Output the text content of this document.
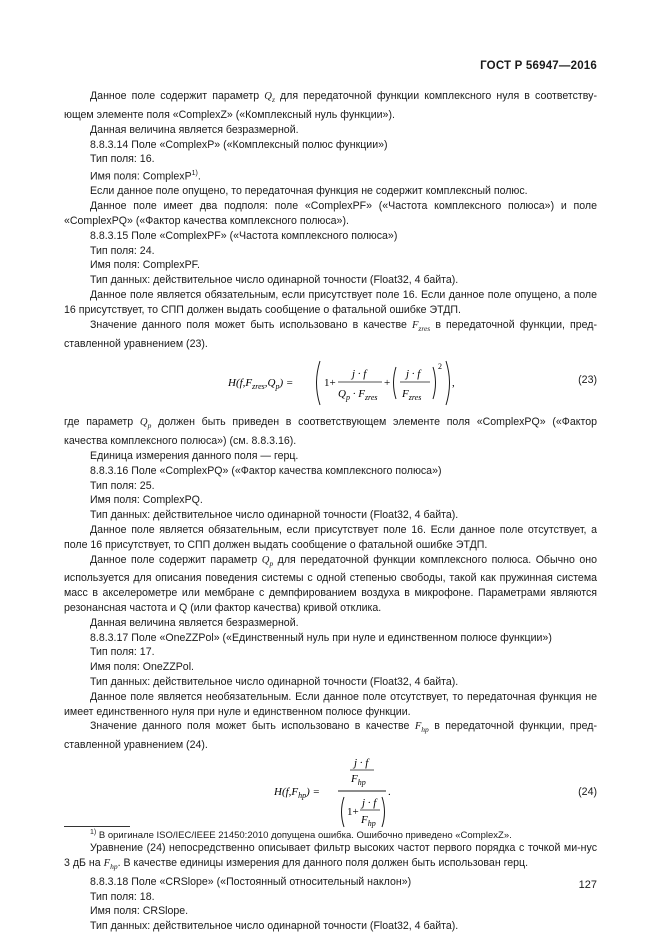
ГОСТ Р 56947—2016

Данное поле содержит параметр $Q_z$ для передаточной функции комплексного нуля в соответству-ющем элементе поля «ComplexZ» («Комплексный нуль функции»).

Данная величина является безразмерной.

8.8.3.14 Поле «ComplexP» («Комплексный полюс функции»)

Тип поля: 16.

Имя поля: ComplexP$^{1)}$.

Если данное поле опущено, то передаточная функция не содержит комплексный полюс.

Данное поле имеет два подполя: поле «ComplexPF» («Частота комплексного полюса») и поле «ComplexPQ» («Фактор качества комплексного полюса»).

8.8.3.15 Поле «ComplexPF» («Частота комплексного полюса»)

Тип поля: 24.

Имя поля: ComplexPF.

Тип данных: действительное число одинарной точности (Float32, 4 байта).

Данное поле является обязательным, если присутствует поле 16. Если данное поле опущено, а поле 16 присутствует, то СПП должен выдать сообщение о фатальной ошибке ЭТДП.

Значение данного поля может быть использовано в качестве $F_{zres}$ в передаточной функции, пред-ставленной уравнением (23).

$H(f,F_{zres},Q_p)$ =	1+
j · f
$Q_p \cdot F_{zres}$
+
j · f
$F_{zres}$
2
,	(23)

где параметр $Q_p$ должен быть приведен в соответствующем элементе поля «ComplexPQ» («Фактор качества комплексного полюса») (см. 8.8.3.16).

Единица измерения данного поля — герц.

8.8.3.16 Поле «ComplexPQ» («Фактор качества комплексного полюса»)

Тип поля: 25.

Имя поля: ComplexPQ.

Тип данных: действительное число одинарной точности (Float32, 4 байта).

Данное поле является обязательным, если присутствует поле 16. Если данное поле отсутствует, а поле 16 присутствует, то СПП должен выдать сообщение о фатальной ошибке ЭТДП.

Данное поле содержит параметр $Q_p$ для передаточной функции комплексного полюса. Обычно оно используется для описания поведения системы с одной степенью свободы, такой как пружинная система масс в акселерометре или мембране с демпфированием воздуха в микрофоне. Параметрами являются резонансная частота и Q (или фактор качества) кривой отклика.

Данная величина является безразмерной.

8.8.3.17 Поле «OneZZPol» («Единственный нуль при нуле и единственном полюсе функции»)

Тип поля: 17.

Имя поля: OneZZPol.

Тип данных: действительное число одинарной точности (Float32, 4 байта).

Данное поле является необязательным. Если данное поле отсутствует, то передаточная функция не имеет единственного нуля при нуле и единственном полюсе функции.

Значение данного поля может быть использовано в качестве $F_{hp}$ в передаточной функции, пред-ставленной уравнением (24).

$H(f,F_{hp})$ =
j · f
$F_{hp}$
1+
j · f
$F_{hp}$
.	(24)

Уравнение (24) непосредственно описывает фильтр высоких частот первого порядка с точкой ми-нус 3 дБ на $F_{hp}$. В качестве единицы измерения для данного поля должен быть использован герц.

8.8.3.18 Поле «CRSlope» («Постоянный относительный наклон»)

Тип поля: 18.

Имя поля: CRSlope.

Тип данных: действительное число одинарной точности (Float32, 4 байта).

$^{1)}$ В оригинале ISO/IEC/IEEE 21450:2010 допущена ошибка. Ошибочно приведено «ComplexZ».
127
